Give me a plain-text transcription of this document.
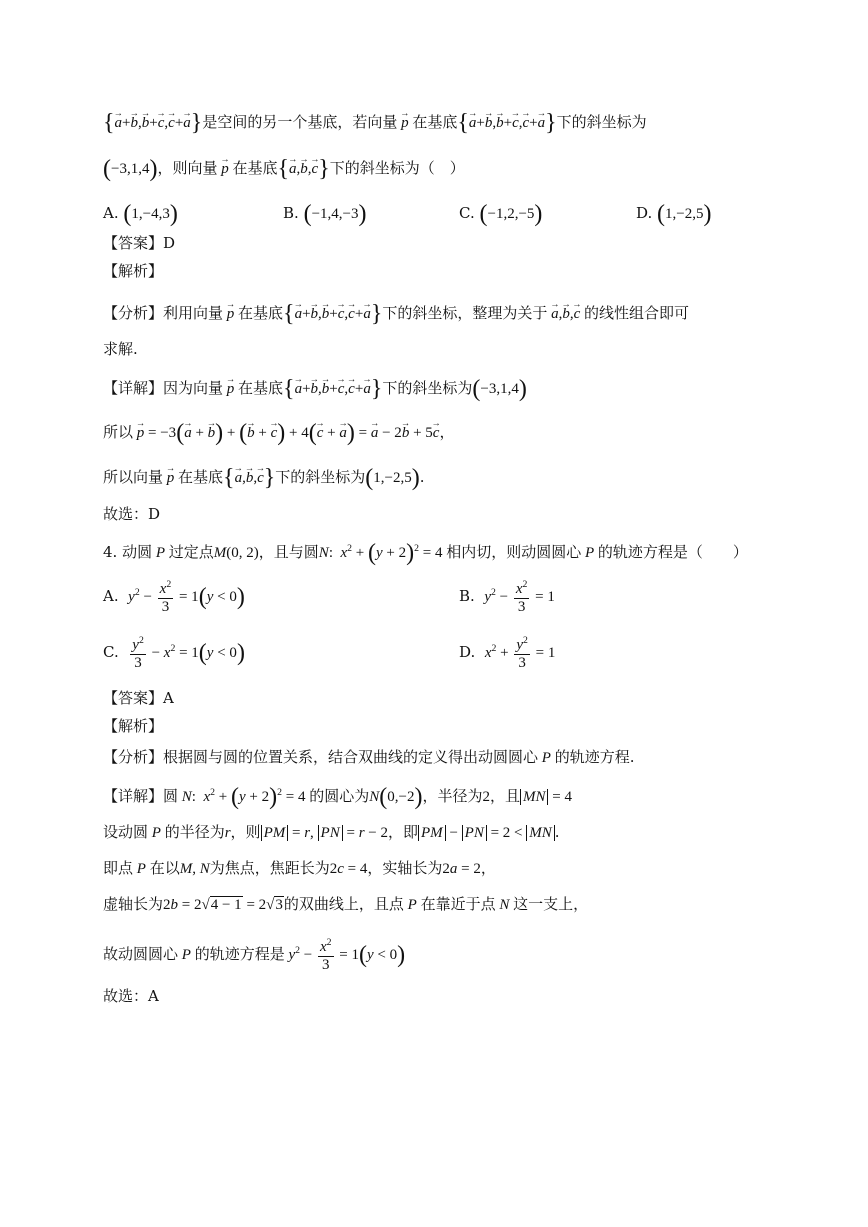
{→ a+→ b,→ b+→ c,→ c+→ a}是空间的另一个基底，若向量 → p 在基底{→ a+→ b,→ b+→ c,→ c+→ a}下的斜坐标为
(−3,1,4)，则向量 → p 在基底{→ a,→ b,→ c}下的斜坐标为（　）
A. (1,−4,3)	B. (−1,4,−3)	C. (−1,2,−5)	D. (1,−2,5)
【答案】D
【解析】
【分析】利用向量 → p 在基底{→ a+→ b,→ b+→ c,→ c+→ a}下的斜坐标，整理为关于 → a,→ b,→ c 的线性组合即可
求解.
【详解】因为向量 → p 在基底{→ a+→ b,→ b+→ c,→ c+→ a}下的斜坐标为(−3,1,4)
所以 → p = −3(→ a + → b) + (→ b + → c) + 4(→ c + → a) = → a − 2→ b + 5→ c，
所以向量 → p 在基底{→ a,→ b,→ c}下的斜坐标为(1,−2,5).
故选：D
4. 动圆 P 过定点M(0, 2)，且与圆N:  $x^2 + (y + 2)^2 = 4$ 相内切，则动圆圆心 P 的轨迹方程是（　　）
A. $y^2 - \frac{x^2}{3} = 1(y < 0)$	B. $y^2 - \frac{x^2}{3} = 1$
C. $\frac{y^2}{3} - x^2 = 1(y < 0)$	D. $x^2 + \frac{y^2}{3} = 1$
【答案】A
【解析】
【分析】根据圆与圆的位置关系，结合双曲线的定义得出动圆圆心 P 的轨迹方程.
【详解】圆 N:  $x^2 + (y + 2)^2 = 4$ 的圆心为N(0,−2)，半径为2，且 MN = 4
设动圆 P 的半径为r，则 PM = r, PN = r − 2，即 PM − PN = 2 < MN .
即点 P 在以M, N为焦点，焦距长为2c = 4，实轴长为2a = 2，
虚轴长为2b = 2√4 − 1 = 2√3的双曲线上，且点 P 在靠近于点 N 这一支上，
故动圆圆心 P 的轨迹方程是 $y^2 - \frac{x^2}{3} = 1(y < 0)$
故选：A
